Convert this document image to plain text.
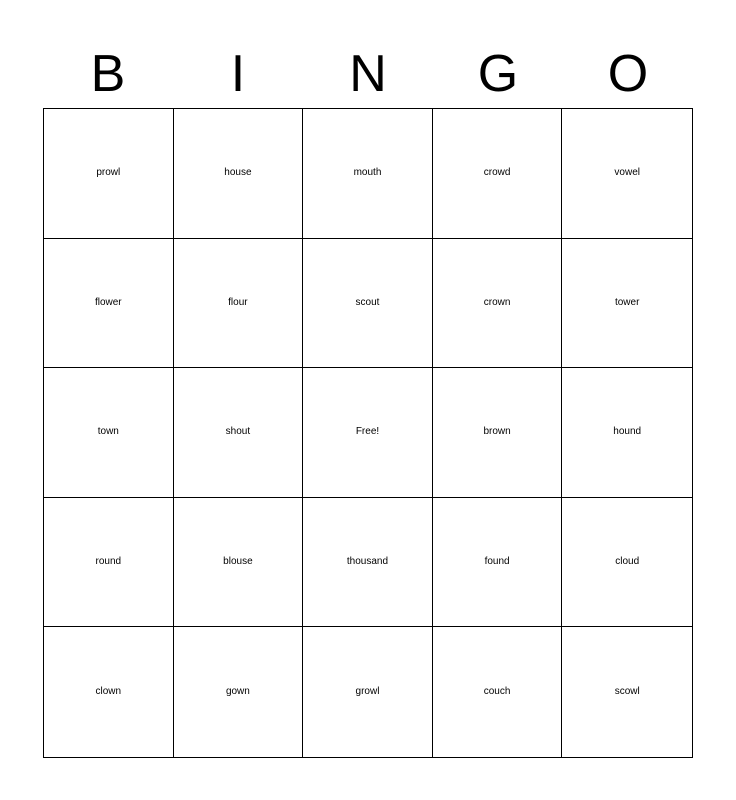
B	I	N	G	O
prowl	house	mouth	crowd	vowel
flower	flour	scout	crown	tower
town	shout	Free!	brown	hound
round	blouse	thousand	found	cloud
clown	gown	growl	couch	scowl
